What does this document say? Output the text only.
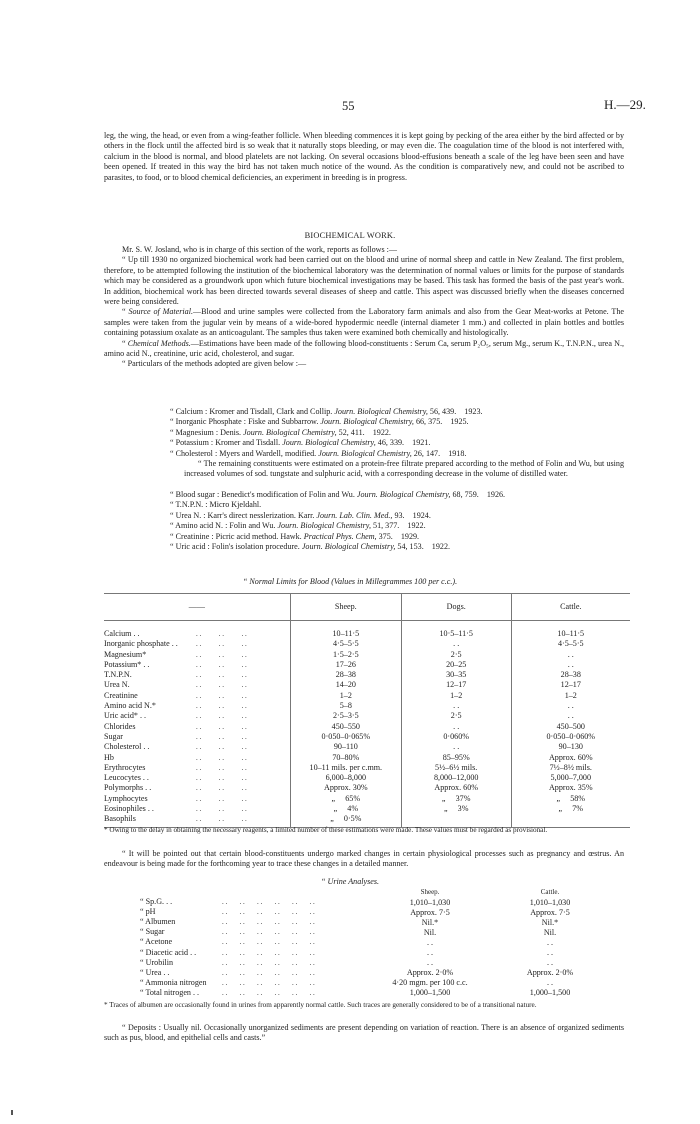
55	H.—29.

leg, the wing, the head, or even from a wing-feather follicle. When bleeding commences it is kept going by pecking of the area either by the bird affected or by others in the flock until the affected bird is so weak that it naturally stops bleeding, or may even die. The coagulation time of the blood is not interfered with, calcium in the blood is normal, and blood platelets are not lacking. On several occasions blood-effusions beneath a scale of the leg have been seen and have been opened. If treated in this way the bird has not taken much notice of the wound. As the condition is comparatively new, and could not be ascribed to parasites, to food, or to blood chemical deficiencies, an experiment in breeding is in progress.

BIOCHEMICAL WORK.

Mr. S. W. Josland, who is in charge of this section of the work, reports as follows :—

“ Up till 1930 no organized biochemical work had been carried out on the blood and urine of normal sheep and cattle in New Zealand. The first problem, therefore, to be attempted following the institution of the biochemical laboratory was the determination of normal values or limits for the purpose of standards which may be considered as a groundwork upon which future biochemical investigations may be based. This task has formed the basis of the past year's work. In addition, biochemical work has been directed towards several diseases of sheep and cattle. This aspect was discussed briefly when the diseases concerned were being considered.

“ Source of Material.—Blood and urine samples were collected from the Laboratory farm animals and also from the Gear Meat-works at Petone. The samples were taken from the jugular vein by means of a wide-bored hypodermic needle (internal diameter 1 mm.) and collected in plain bottles and bottles containing potassium oxalate as an anticoagulant. The samples thus taken were examined both chemically and histologically.

“ Chemical Methods.—Estimations have been made of the following blood-constituents : Serum Ca, serum P₂O₅, serum Mg., serum K., T.N.P.N., urea N., amino acid N., creatinine, uric acid, cholesterol, and sugar.

“ Particulars of the methods adopted are given below :—

“ Calcium : Kromer and Tisdall, Clark and Collip. Journ. Biological Chemistry, 56, 439.    1923.
“ Inorganic Phosphate : Fiske and Subbarrow. Journ. Biological Chemistry, 66, 375.    1925.
“ Magnesium : Denis. Journ. Biological Chemistry, 52, 411.    1922.
“ Potassium : Kromer and Tisdall. Journ. Biological Chemistry, 46, 339.    1921.
“ Cholesterol : Myers and Wardell, modified. Journ. Biological Chemistry, 26, 147.    1918.

“ The remaining constituents were estimated on a protein-free filtrate prepared according to the method of Folin and Wu, but using increased volumes of sod. tungstate and sulphuric acid, with a corresponding decrease in the volume of distilled water.

“ Blood sugar : Benedict's modification of Folin and Wu. Journ. Biological Chemistry, 68, 759.    1926.
“ T.N.P.N. : Micro Kjeldahl.
“ Urea N. : Karr's direct nesslerization. Karr. Journ. Lab. Clin. Med., 93.    1924.
“ Amino acid N. : Folin and Wu. Journ. Biological Chemistry, 51, 377.    1922.
“ Creatinine : Picric acid method. Hawk. Practical Phys. Chem, 375.    1929.
“ Uric acid : Folin's isolation procedure. Journ. Biological Chemistry, 54, 153.    1922.
“ Normal Limits for Blood (Values in Millegrammes 100 per c.c.).
——	Sheep.	Dogs.	Cattle.

Calcium . . . .          . .          . .	10–11·5	10·5–11·5	10–11·5
Inorganic phosphate . . . .          . .          . .	4·5–5·5	. .	4·5–5·5
Magnesium* . .          . .          . .	1·5–2·5	2·5	. .
Potassium* . . . .          . .          . .	17–26	20–25	. .
T.N.P.N. . .          . .          . .	28–38	30–35	28–38
Urea N. . .          . .          . .	14–20	12–17	12–17
Creatinine . .          . .          . .	1–2	1–2	1–2
Amino acid N.* . .          . .          . .	5–8	. .	. .
Uric acid* . . . .          . .          . .	2·5–3·5	2·5	. .
Chlorides . .          . .          . .	450–550	. .	450–500
Sugar . .          . .          . .	0·050–0·065%	0·060%	0·050–0·060%
Cholesterol . . . .          . .          . .	90–110	. .	90–130
Hb . .          . .          . .	70–80%	85–95%	Approx. 60%
Erythrocytes . .          . .          . .	10–11 mils. per c.mm.	5½–6½ mils.	7½–8½ mils.
Leucocytes . . . .          . .          . .	6,000–8,000	8,000–12,000	5,000–7,000
Polymorphs . . . .          . .          . .	Approx. 30%	Approx. 60%	Approx. 35%
Lymphocytes . .          . .          . .	„     65%	„     37%	„     58%
Eosinophiles . . . .          . .          . .	„     4%	„     3%	„     7%
Basophils . .          . .          . .	„     0·5%		
* Owing to the delay in obtaining the necessary reagents, a limited number of these estimations were made. These values must be regarded as provisional.

“ It will be pointed out that certain blood-constituents undergo marked changes in certain physiological processes such as pregnancy and œstrus. An endeavour is being made for the forthcoming year to trace these changes in a detailed manner.

“ Urine Analyses.
	Sheep.	Cattle.
“ Sp.G. . . . .       . .       . .       . .       . .       . .	1,010–1,030	1,010–1,030
“ pH . .       . .       . .       . .       . .       . .	Approx. 7·5	Approx. 7·5
“ Albumen . .       . .       . .       . .       . .       . .	Nil.*	Nil.*
“ Sugar . .       . .       . .       . .       . .       . .	Nil.	Nil.
“ Acetone . .       . .       . .       . .       . .       . .	. .	. .
“ Diacetic acid . . . .       . .       . .       . .       . .       . .	. .	. .
“ Urobilin . .       . .       . .       . .       . .       . .	. .	. .
“ Urea . . . .       . .       . .       . .       . .       . .	Approx. 2·0%	Approx. 2·0%
“ Ammonia nitrogen . .       . .       . .       . .       . .       . .	4·20 mgm. per 100 c.c.	. .
“ Total nitrogen . . . .       . .       . .       . .       . .       . .	1,000–1,500	1,000–1,500
* Traces of albumen are occasionally found in urines from apparently normal cattle. Such traces are generally considered to be of a transitional nature.

“ Deposits : Usually nil. Occasionally unorganized sediments are present depending on variation of reaction. There is an absence of organized sediments such as pus, blood, and epithelial cells and casts.”
